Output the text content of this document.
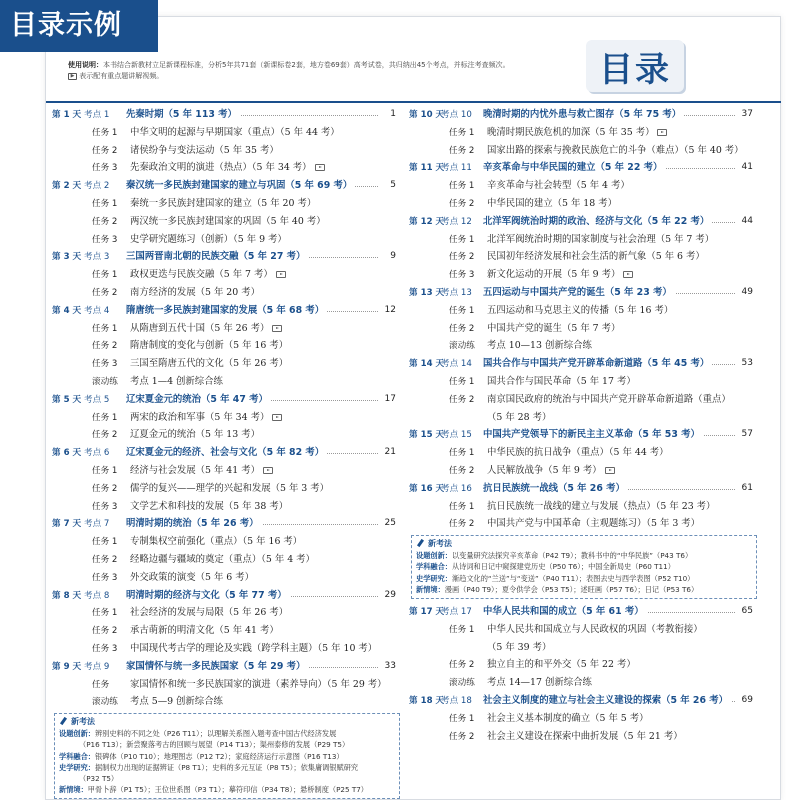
目录示例
使用说明：本书结合新教材立足新课程标准，分析5年共71套（新课标卷2套，地方卷69套）高考试卷，共归纳出45个考点，并标注考查频次。
▶ 表示配有重点题讲解视频。	目录
第 1 天 考点 1 先秦时期（5 年 113 考）	1
任务 1 中华文明的起源与早期国家（重点）（5 年 44 考）
任务 2 诸侯纷争与变法运动（5 年 35 考）
任务 3 先秦政治文明的演进（热点）（5 年 34 考）
第 2 天 考点 2 秦汉统一多民族封建国家的建立与巩固（5 年 69 考）	5
任务 1 秦统一多民族封建国家的建立（5 年 20 考）
任务 2 两汉统一多民族封建国家的巩固（5 年 40 考）
任务 3 史学研究题练习（创新）（5 年 9 考）
第 3 天 考点 3 三国两晋南北朝的民族交融（5 年 27 考）	9
任务 1 政权更迭与民族交融（5 年 7 考）
任务 2 南方经济的发展（5 年 20 考）
第 4 天 考点 4 隋唐统一多民族封建国家的发展（5 年 68 考）	12
任务 1 从隋唐到五代十国（5 年 26 考）
任务 2 隋唐制度的变化与创新（5 年 16 考）
任务 3 三国至隋唐五代的文化（5 年 26 考）
滚动练 考点 1—4 创新综合练
第 5 天 考点 5 辽宋夏金元的统治（5 年 47 考）	17
任务 1 两宋的政治和军事（5 年 34 考）
任务 2 辽夏金元的统治（5 年 13 考）
第 6 天 考点 6 辽宋夏金元的经济、社会与文化（5 年 82 考）	21
任务 1 经济与社会发展（5 年 41 考）
任务 2 儒学的复兴——理学的兴起和发展（5 年 3 考）
任务 3 文学艺术和科技的发展（5 年 38 考）
第 7 天 考点 7 明清时期的统治（5 年 26 考）	25
任务 1 专制集权空前强化（重点）（5 年 16 考）
任务 2 经略边疆与疆域的奠定（重点）（5 年 4 考）
任务 3 外交政策的演变（5 年 6 考）
第 8 天 考点 8 明清时期的经济与文化（5 年 77 考）	29
任务 1 社会经济的发展与局限（5 年 26 考）
任务 2 承古萌新的明清文化（5 年 41 考）
任务 3 中国现代考古学的理论及实践（跨学科主题）（5 年 10 考）
第 9 天 考点 9 家国情怀与统一多民族国家（5 年 29 考）	33
任务 家国情怀和统一多民族国家的演进（素养导向）（5 年 29 考）
滚动练 考点 5—9 创新综合练
新考法
设题创新：辨别史料的不同之处（P26 T11）；以理解关系图入题考查中国古代经济发展
（P16 T13）；新尝聚落考古的回顾与展望（P14 T13）；渠州泰修的发展（P29 T5）
学科融合：银碑体（P10 T10）；地理图志（P12 T2）；家庭经济运行示意图（P16 T13）
史学研究：据制权力出现的证据辨证（P8 T1）；史料的多元互证（P8 T5）；依集庸调银赋研究
（P32 T5）
新情境：甲骨卜辞（P1 T5）；王位世系图（P3 T1）；摹符印信（P34 T8）；悬桥制度（P25 T7）
第 10 天考点 10 晚清时期的内忧外患与救亡图存（5 年 75 考）	37
任务 1 晚清时期民族危机的加深（5 年 35 考）
任务 2 国家出路的探索与挽救民族危亡的斗争（难点）（5 年 40 考）
第 11 天考点 11 辛亥革命与中华民国的建立（5 年 22 考）	41
任务 1 辛亥革命与社会转型（5 年 4 考）
任务 2 中华民国的建立（5 年 18 考）
第 12 天考点 12 北洋军阀统治时期的政治、经济与文化（5 年 22 考）	44
任务 1 北洋军阀统治时期的国家制度与社会治理（5 年 7 考）
任务 2 民国初年经济发展和社会生活的新气象（5 年 6 考）
任务 3 新文化运动的开展（5 年 9 考）
第 13 天考点 13 五四运动与中国共产党的诞生（5 年 23 考）	49
任务 1 五四运动和马克思主义的传播（5 年 16 考）
任务 2 中国共产党的诞生（5 年 7 考）
滚动练 考点 10—13 创新综合练
第 14 天考点 14 国共合作与中国共产党开辟革命新道路（5 年 45 考）	53
任务 1 国共合作与国民革命（5 年 17 考）
任务 2 南京国民政府的统治与中国共产党开辟革命新道路（重点）
（5 年 28 考）
第 15 天考点 15 中国共产党领导下的新民主主义革命（5 年 53 考）	57
任务 1 中华民族的抗日战争（重点）（5 年 44 考）
任务 2 人民解放战争（5 年 9 考）
第 16 天考点 16 抗日民族统一战线（5 年 26 考）	61
任务 1 抗日民族统一战线的建立与发展（热点）（5 年 23 考）
任务 2 中国共产党与中国革命（主观题练习）（5 年 3 考）
新考法
设题创新：以变量研究法探究辛亥革命（P42 T9）；教科书中的“中华民族”（P43 T6）
学科融合：从诗词和日记中窥探建党历史（P50 T6）；中国全新局史（P60 T11）
史学研究：渐趋文化的“兰送”与“变送”（P40 T11）；表图去史与西学表图（P52 T10）
新情境：漫画（P40 T9）；夏令供学会（P53 T5）；述旺画（P57 T6）；日记（P53 T6）
第 17 天考点 17 中华人民共和国的成立（5 年 61 考）	65
任务 1 中华人民共和国成立与人民政权的巩固（考教衔接）
（5 年 39 考）
任务 2 独立自主的和平外交（5 年 22 考）
滚动练 考点 14—17 创新综合练
第 18 天考点 18 社会主义制度的建立与社会主义建设的探索（5 年 26 考）	69
任务 1 社会主义基本制度的确立（5 年 5 考）
任务 2 社会主义建设在探索中曲折发展（5 年 21 考）
